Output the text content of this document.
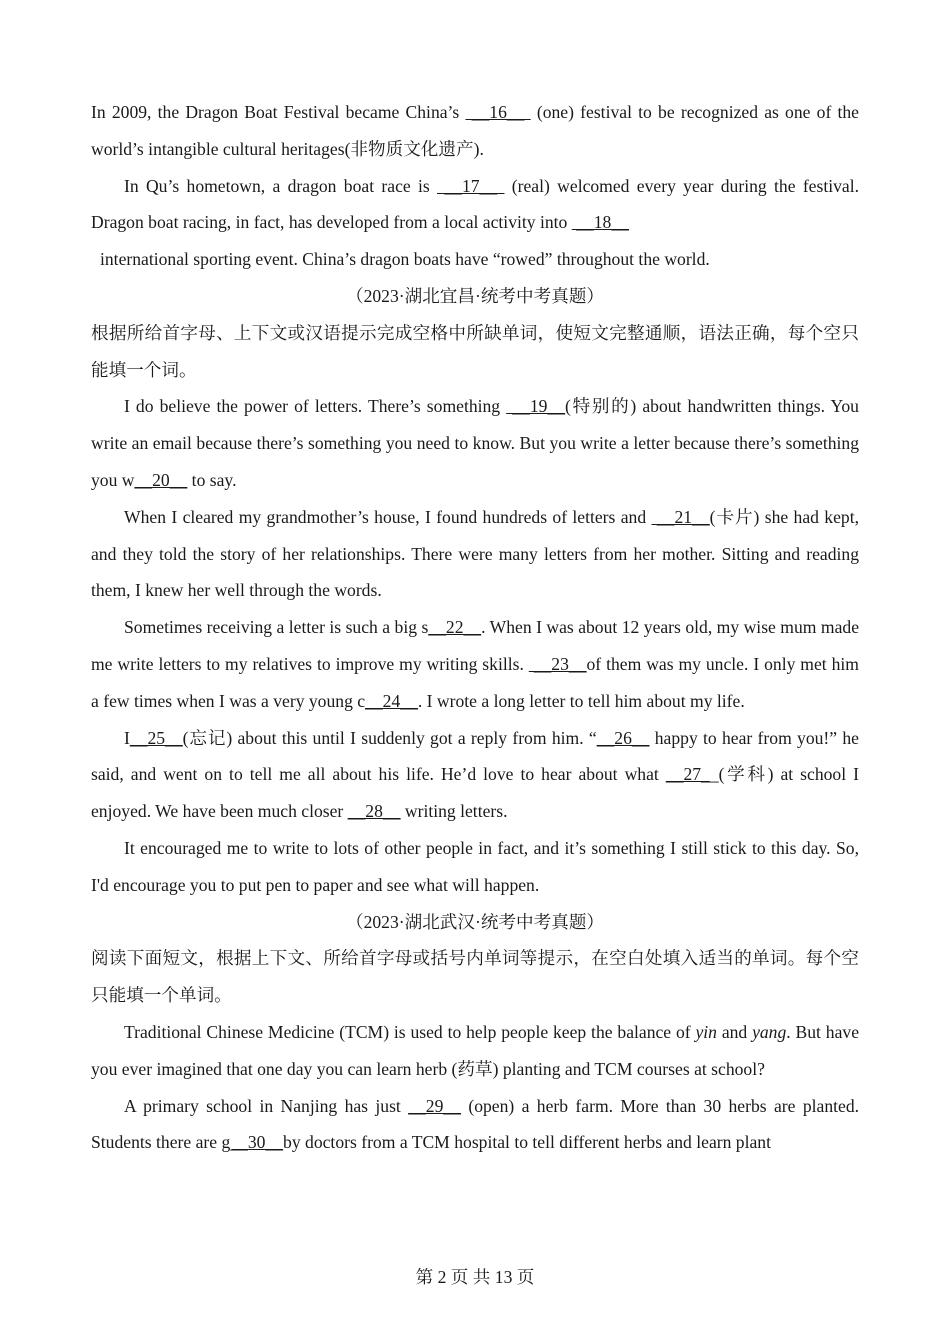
In 2009, the Dragon Boat Festival became China’s  __16__  (one) festival to be recognized as one of the world’s intangible cultural heritages(非物质文化遗产).

In Qu’s hometown, a dragon boat race is  __17__  (real) welcomed every year during the festival. Dragon boat racing, in fact, has developed from a local activity into  __18__

international sporting event. China’s dragon boats have “rowed” throughout the world.

（2023·湖北宜昌·统考中考真题）

根据所给首字母、上下文或汉语提示完成空格中所缺单词，使短文完整通顺，语法正确，每个空只能填一个词。

I do believe the power of letters. There’s something  __19__(特别的) about handwritten things. You write an email because there’s something you need to know. But you write a letter because there’s something you w__20__ to say.

When I cleared my grandmother’s house, I found hundreds of letters and  __21__(卡片) she had kept, and they told the story of her relationships. There were many letters from her mother. Sitting and reading them, I knew her well through the words.

Sometimes receiving a letter is such a big s__22__. When I was about 12 years old, my wise mum made me write letters to my relatives to improve my writing skills.  __23__of them was my uncle. I only met him a few times when I was a very young c__24__. I wrote a long letter to tell him about my life.

I__25__(忘记) about this until I suddenly got a reply from him. “__26__ happy to hear from you!” he said, and went on to tell me all about his life. He’d love to hear about what __27__(学科) at school I enjoyed. We have been much closer __28__ writing letters.

It encouraged me to write to lots of other people in fact, and it’s something I still stick to this day. So, I'd encourage you to put pen to paper and see what will happen.

（2023·湖北武汉·统考中考真题）

阅读下面短文，根据上下文、所给首字母或括号内单词等提示，在空白处填入适当的单词。每个空只能填一个单词。

Traditional Chinese Medicine (TCM) is used to help people keep the balance of yin and yang. But have you ever imagined that one day you can learn herb (药草) planting and TCM courses at school?

A primary school in Nanjing has just __29__ (open) a herb farm. More than 30 herbs are planted. Students there are g__30__by doctors from a TCM hospital to tell different herbs and learn plant

第 2 页 共 13 页
